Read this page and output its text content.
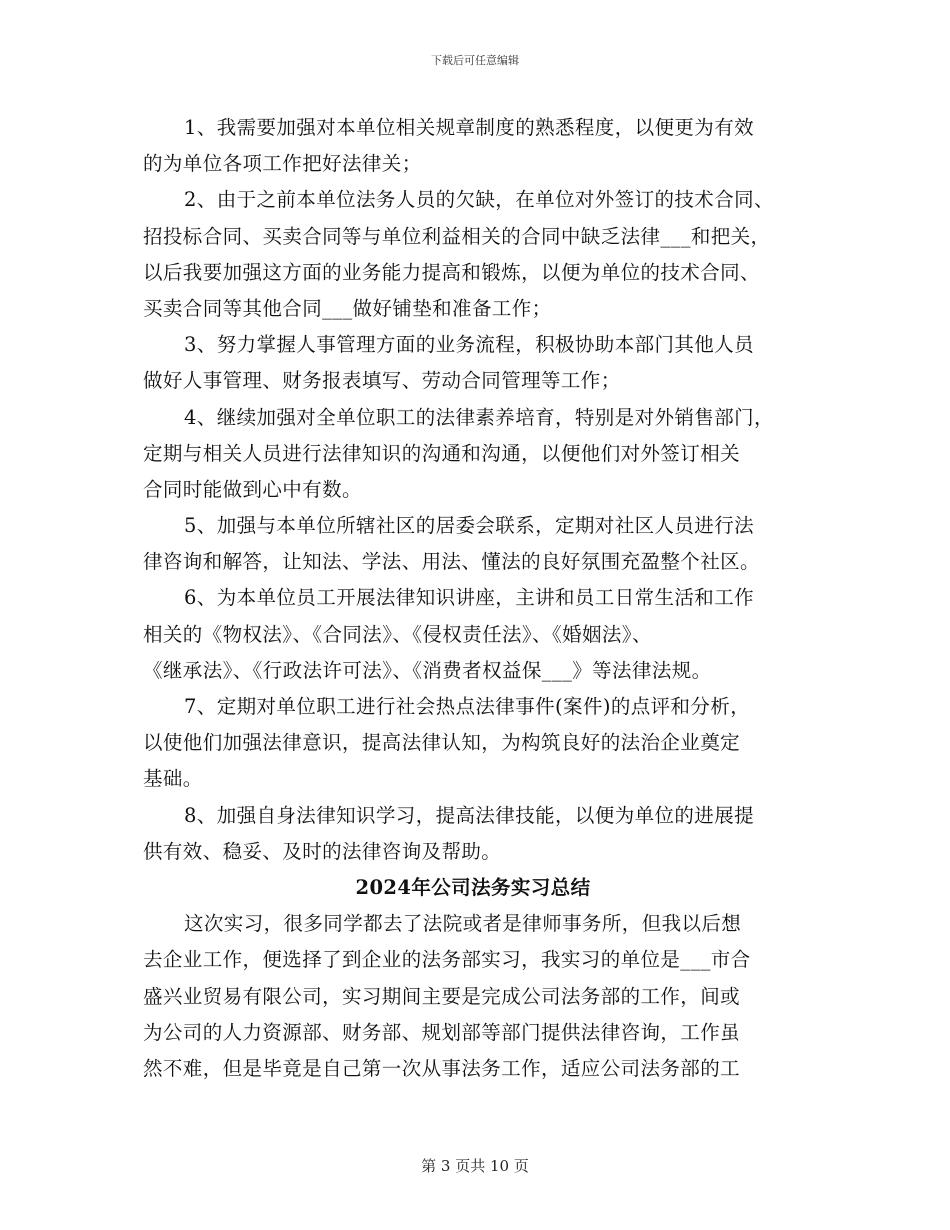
下载后可任意编辑
1、我需要加强对本单位相关规章制度的熟悉程度，以便更为有效
的为单位各项工作把好法律关；
2、由于之前本单位法务人员的欠缺，在单位对外签订的技术合同、
招投标合同、买卖合同等与单位利益相关的合同中缺乏法律___和把关，
以后我要加强这方面的业务能力提高和锻炼，以便为单位的技术合同、
买卖合同等其他合同___做好铺垫和准备工作；
3、努力掌握人事管理方面的业务流程，积极协助本部门其他人员
做好人事管理、财务报表填写、劳动合同管理等工作；
4、继续加强对全单位职工的法律素养培育，特别是对外销售部门，
定期与相关人员进行法律知识的沟通和沟通，以便他们对外签订相关
合同时能做到心中有数。
5、加强与本单位所辖社区的居委会联系，定期对社区人员进行法
律咨询和解答，让知法、学法、用法、懂法的良好氛围充盈整个社区。
6、为本单位员工开展法律知识讲座，主讲和员工日常生活和工作
相关的《物权法》、《合同法》、《侵权责任法》、《婚姻法》、
《继承法》、《行政法许可法》、《消费者权益保___》等法律法规。
7、定期对单位职工进行社会热点法律事件(案件)的点评和分析，
以使他们加强法律意识，提高法律认知，为构筑良好的法治企业奠定
基础。
8、加强自身法律知识学习，提高法律技能，以便为单位的进展提
供有效、稳妥、及时的法律咨询及帮助。
2024年公司法务实习总结
这次实习，很多同学都去了法院或者是律师事务所，但我以后想
去企业工作，便选择了到企业的法务部实习，我实习的单位是___市合
盛兴业贸易有限公司，实习期间主要是完成公司法务部的工作，间或
为公司的人力资源部、财务部、规划部等部门提供法律咨询，工作虽
然不难，但是毕竟是自己第一次从事法务工作，适应公司法务部的工
第 3 页共 10 页
